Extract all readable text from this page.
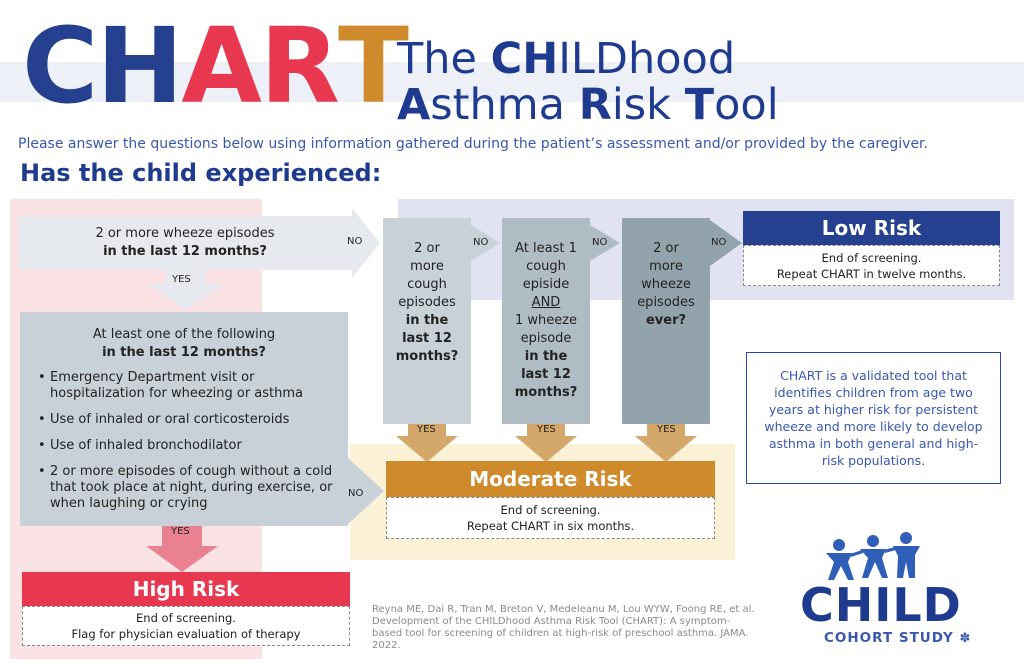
CHART
The CHILDhood
Asthma Risk Tool
Please answer the questions below using information gathered during the patient’s assessment and/or provided by the caregiver.
Has the child experienced:
2 or more wheeze episodes
in the last 12 months?
NO
YES
At least one of the following
in the last 12 months?
• Emergency Department visit or hospitalization for wheezing or asthma
• Use of inhaled or oral corticosteroids
• Use of inhaled bronchodilator
• 2 or more episodes of cough without a cold that took place at night, during exercise, or when laughing or crying
NO
YES
2 or
more
cough
episodes
in the
last 12
months?
NO
YES
At least 1
cough
episide
AND
1 wheeze
episode
in the
last 12
months?
NO
YES
2 or
more
wheeze
episodes
ever?
NO
YES
Low Risk
End of screening.
Repeat CHART in twelve months.
Moderate Risk
End of screening.
Repeat CHART in six months.
High Risk
End of screening.
Flag for physician evaluation of therapy
CHART is a validated tool that identifies children from age two years at higher risk for persistent wheeze and more likely to develop asthma in both general and high-risk populations.
Reyna ME, Dai R, Tran M, Breton V, Medeleanu M, Lou WYW, Foong RE, et al. Development of the CHILDhood Asthma Risk Tool (CHART): A symptom-based tool for screening of children at high-risk of preschool asthma. JAMA. 2022.
CHILD
COHORT STUDY ✽
